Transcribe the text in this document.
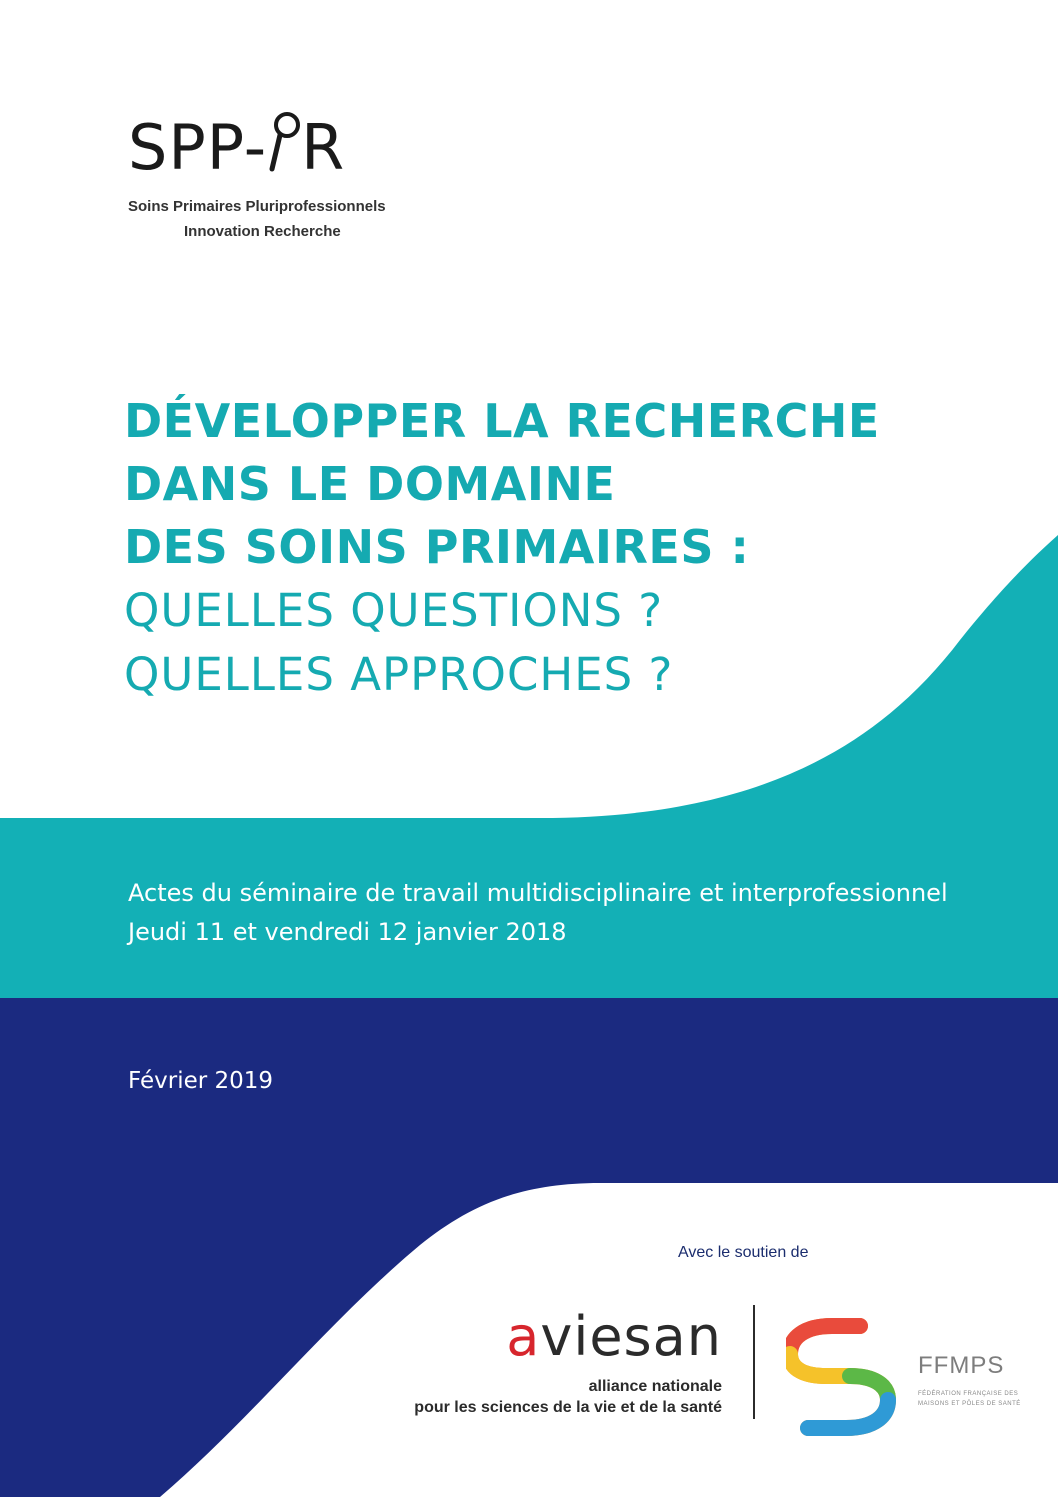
SPP- R
Soins Primaires Pluriprofessionnels
Innovation Recherche
DÉVELOPPER LA RECHERCHE
DANS LE DOMAINE
DES SOINS PRIMAIRES :
QUELLES QUESTIONS ?
QUELLES APPROCHES ?
Actes du séminaire de travail multidisciplinaire et interprofessionnel
Jeudi 11 et vendredi 12 janvier 2018
Février 2019
Avec le soutien de
aviesan
alliance nationale
pour les sciences de la vie et de la santé
FFMPS
FÉDÉRATION FRANÇAISE DES
MAISONS ET PÔLES DE SANTÉ
